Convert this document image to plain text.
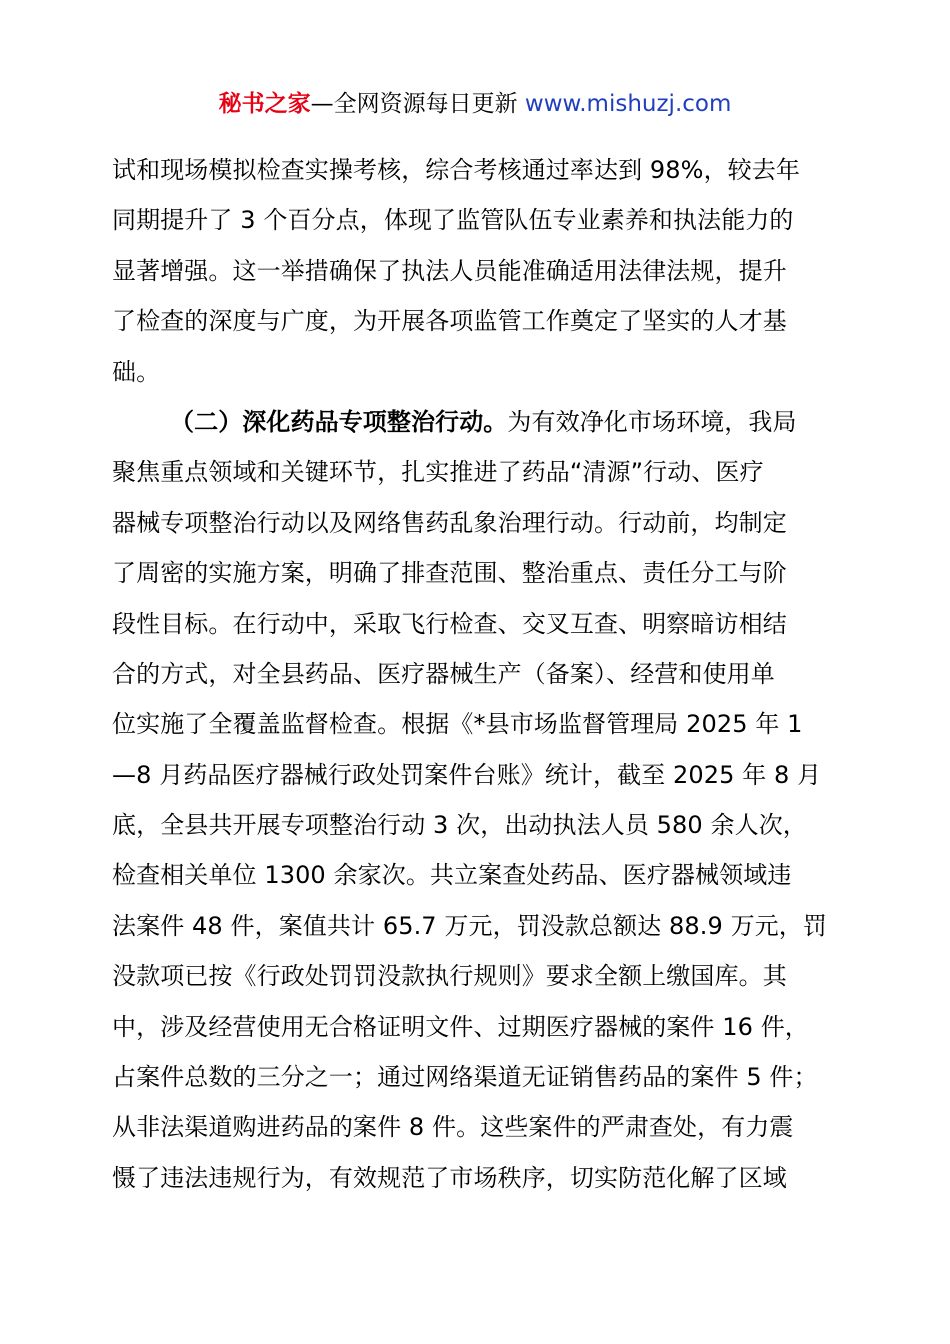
秘书之家—全网资源每日更新 www.mishuzj.com
试和现场模拟检查实操考核，综合考核通过率达到 98%，较去年
同期提升了 3 个百分点，体现了监管队伍专业素养和执法能力的
显著增强。这一举措确保了执法人员能准确适用法律法规，提升
了检查的深度与广度，为开展各项监管工作奠定了坚实的人才基
础。
（二）深化药品专项整治行动。为有效净化市场环境，我局
聚焦重点领域和关键环节，扎实推进了药品“清源”行动、医疗
器械专项整治行动以及网络售药乱象治理行动。行动前，均制定
了周密的实施方案，明确了排查范围、整治重点、责任分工与阶
段性目标。在行动中，采取飞行检查、交叉互查、明察暗访相结
合的方式，对全县药品、医疗器械生产（备案）、经营和使用单
位实施了全覆盖监督检查。根据《*县市场监督管理局 2025 年 1
—8 月药品医疗器械行政处罚案件台账》统计，截至 2025 年 8 月
底，全县共开展专项整治行动 3 次，出动执法人员 580 余人次，
检查相关单位 1300 余家次。共立案查处药品、医疗器械领域违
法案件 48 件，案值共计 65.7 万元，罚没款总额达 88.9 万元，罚
没款项已按《行政处罚罚没款执行规则》要求全额上缴国库。其
中，涉及经营使用无合格证明文件、过期医疗器械的案件 16 件，
占案件总数的三分之一；通过网络渠道无证销售药品的案件 5 件；
从非法渠道购进药品的案件 8 件。这些案件的严肃查处，有力震
慑了违法违规行为，有效规范了市场秩序，切实防范化解了区域
